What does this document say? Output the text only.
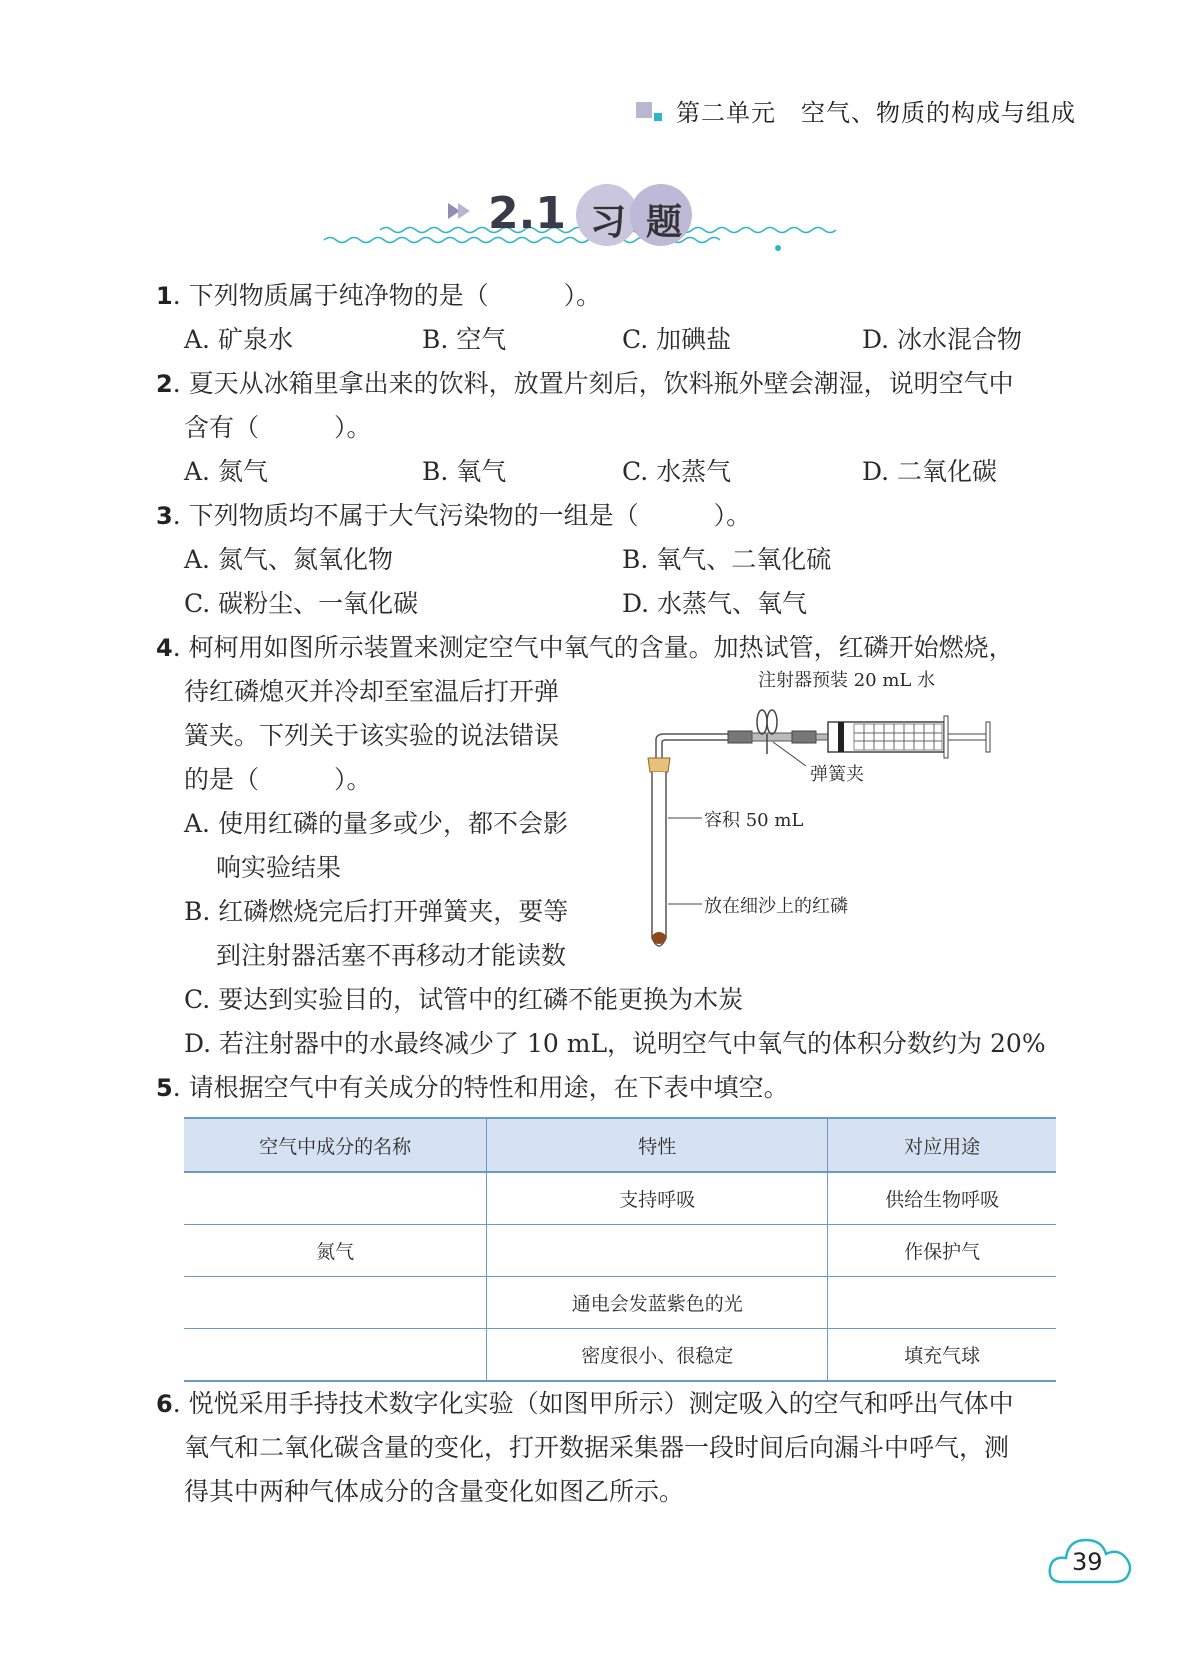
第二单元　空气、物质的构成与组成
2.1 习 题
1. 下列物质属于纯净物的是（　　　）。
A. 矿泉水	B. 空气	C. 加碘盐	D. 冰水混合物
2. 夏天从冰箱里拿出来的饮料，放置片刻后，饮料瓶外壁会潮湿，说明空气中
含有（　　　）。
A. 氮气	B. 氧气	C. 水蒸气	D. 二氧化碳
3. 下列物质均不属于大气污染物的一组是（　　　）。
A. 氮气、氮氧化物	B. 氧气、二氧化硫
C. 碳粉尘、一氧化碳	D. 水蒸气、氧气
4. 柯柯用如图所示装置来测定空气中氧气的含量。加热试管，红磷开始燃烧，
待红磷熄灭并冷却至室温后打开弹
簧夹。下列关于该实验的说法错误
的是（　　　）。
A. 使用红磷的量多或少，都不会影
响实验结果
B. 红磷燃烧完后打开弹簧夹，要等
到注射器活塞不再移动才能读数
C. 要达到实验目的，试管中的红磷不能更换为木炭
D. 若注射器中的水最终减少了 10 mL，说明空气中氧气的体积分数约为 20%
注射器预装 20 mL 水
弹簧夹
容积 50 mL
放在细沙上的红磷
5. 请根据空气中有关成分的特性和用途，在下表中填空。
空气中成分的名称	特性	对应用途
	支持呼吸	供给生物呼吸
氮气		作保护气
	通电会发蓝紫色的光	
	密度很小、很稳定	填充气球
6. 悦悦采用手持技术数字化实验（如图甲所示）测定吸入的空气和呼出气体中
氧气和二氧化碳含量的变化，打开数据采集器一段时间后向漏斗中呼气，测
得其中两种气体成分的含量变化如图乙所示。
39
